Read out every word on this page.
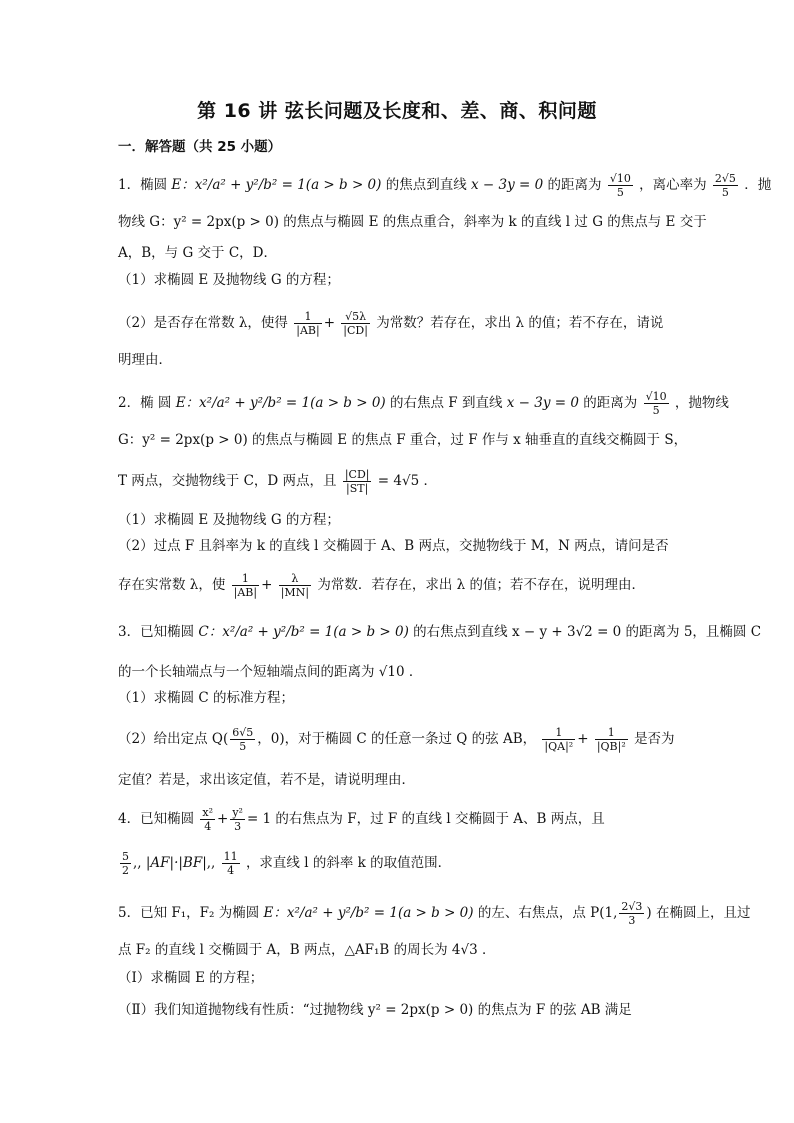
第 16 讲 弦长问题及长度和、差、商、积问题
一．解答题（共 25 小题）
1．椭圆 E：x²/a² + y²/b² = 1(a > b > 0) 的焦点到直线 x − 3y = 0 的距离为 $\frac{√10}{5}$ ，离心率为 $\frac{2√5}{5}$ ．抛
物线 G：y² = 2px(p > 0) 的焦点与椭圆 E 的焦点重合，斜率为 k 的直线 l 过 G 的焦点与 E 交于
A，B，与 G 交于 C，D．
（1）求椭圆 E 及抛物线 G 的方程；
（2）是否存在常数 λ，使得 $\frac{1}{|AB|} + \frac{√5\lambda}{|CD|}$ 为常数？若存在，求出 λ 的值；若不存在，请说
明理由．
2．椭 圆 E：x²/a² + y²/b² = 1(a > b > 0) 的右焦点 F 到直线 x − 3y = 0 的距离为 $\frac{√10}{5}$ ，抛物线
G：y² = 2px(p > 0) 的焦点与椭圆 E 的焦点 F 重合，过 F 作与 x 轴垂直的直线交椭圆于 S，
T 两点，交抛物线于 C，D 两点，且 $\frac{|CD|}{|ST|} = 4√5$ ．
（1）求椭圆 E 及抛物线 G 的方程；
（2）过点 F 且斜率为 k 的直线 l 交椭圆于 A、B 两点，交抛物线于 M，N 两点，请问是否
存在实常数 λ，使 $\frac{1}{|AB|} + \frac{\lambda}{|MN|}$ 为常数．若存在，求出 λ 的值；若不存在，说明理由．
3．已知椭圆 C：x²/a² + y²/b² = 1(a > b > 0) 的右焦点到直线 x − y + 3√2 = 0 的距离为 5，且椭圆 C
的一个长轴端点与一个短轴端点间的距离为 √10 ．
（1）求椭圆 C 的标准方程；
（2）给出定点 $Q( \frac{6√5}{5}$ ，0)，对于椭圆 C 的任意一条过 Q 的弦 AB， $\frac{1}{\text{|QA|²}} + \frac{1}{\text{|QB|²}}$ 是否为
定值？若是，求出该定值，若不是，请说明理由．
4．已知椭圆 $\frac{\text{x²}}{4} + \frac{\text{y²}}{3} = 1$ 的右焦点为 F，过 F 的直线 l 交椭圆于 A、B 两点，且
$\frac{5}{2}$ ,, |AF|·|BF|,, $\frac{11}{4}$ ，求直线 l 的斜率 k 的取值范围．
5．已知 F₁，F₂ 为椭圆 E：x²/a² + y²/b² = 1(a > b > 0) 的左、右焦点，点 P(1, $\frac{2√3}{3}$ ) 在椭圆上，且过
点 F₂ 的直线 l 交椭圆于 A，B 两点，△AF₁B 的周长为 4√3 ．
（Ⅰ）求椭圆 E 的方程；
（Ⅱ）我们知道抛物线有性质：“过抛物线 y² = 2px(p > 0) 的焦点为 F 的弦 AB 满足
